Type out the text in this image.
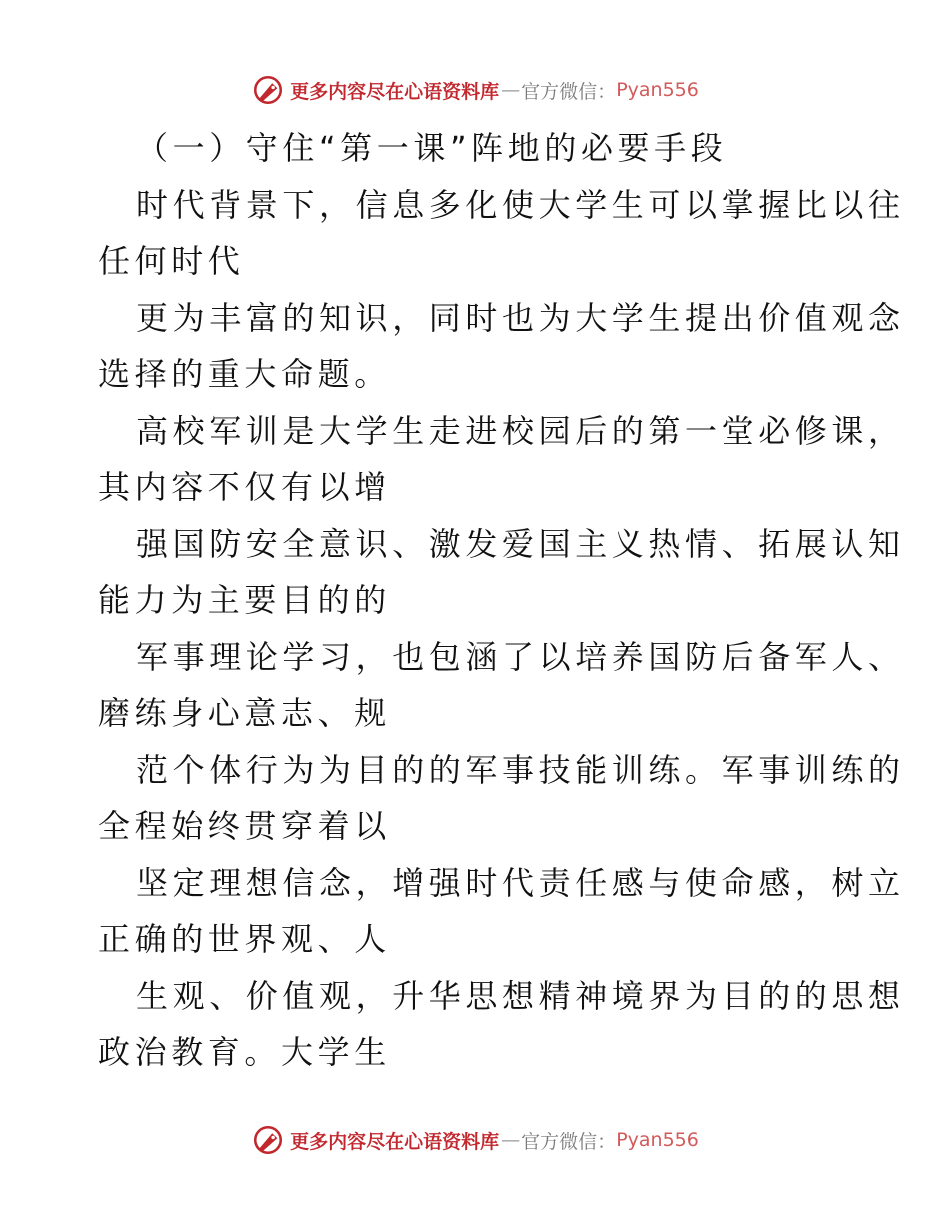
更多内容尽在心语资料库 — 官方微信： Pyan556
（一）守住“第一课”阵地的必要手段
时代背景下，信息多化使大学生可以掌握比以往
任何时代
更为丰富的知识，同时也为大学生提出价值观念
选择的重大命题。
高校军训是大学生走进校园后的第一堂必修课，
其内容不仅有以增
强国防安全意识、激发爱国主义热情、拓展认知
能力为主要目的的
军事理论学习，也包涵了以培养国防后备军人、
磨练身心意志、规
范个体行为为目的的军事技能训练。军事训练的
全程始终贯穿着以
坚定理想信念，增强时代责任感与使命感，树立
正确的世界观、人
生观、价值观，升华思想精神境界为目的的思想
政治教育。大学生
更多内容尽在心语资料库 — 官方微信： Pyan556
